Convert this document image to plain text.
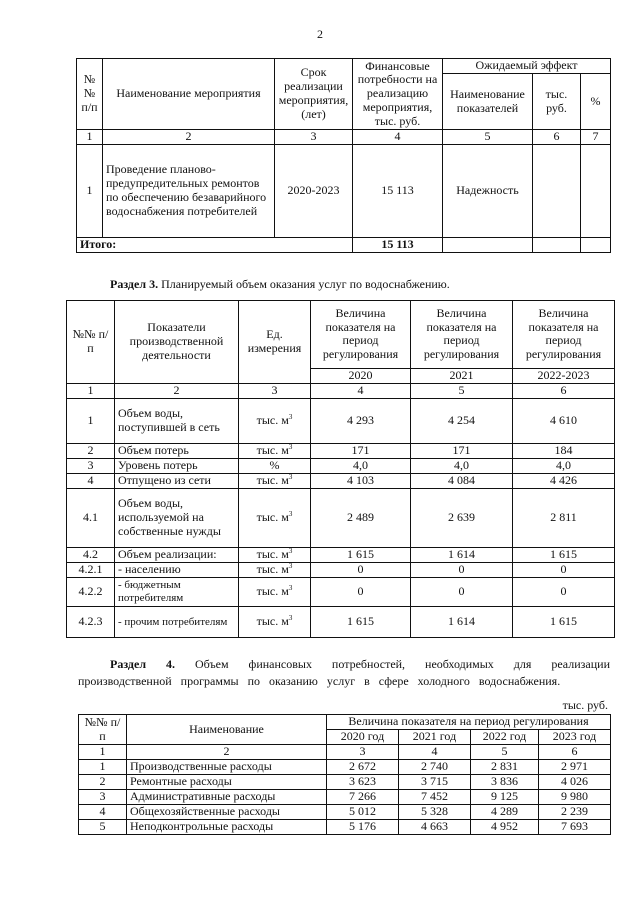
2
№№ п/п	Наименование мероприятия	Срок реализации мероприятия, (лет)	Финансовые потребности на реализацию мероприятия, тыс. руб.	Ожидаемый эффект		
				Наименование показателей	тыс. руб.	%
1	2	3	4	5	6	7
1	Проведение планово-предупредительных ремонтов по обеспечению безаварийного водоснабжения потребителей	2020-2023	15 113	Надежность		
Итого:			15 113			
Раздел 3. Планируемый объем оказания услуг по водоснабжению.
№№ п/п	Показатели производственной деятельности	Ед. измерения	Величина показателя на период регулирования	Величина показателя на период регулирования	Величина показателя на период регулирования
			2020	2021	2022-2023
1	2	3	4	5	6
1	Объем воды, поступившей в сеть	тыс. $м^3$	4 293	4 254	4 610
2	Объем потерь	тыс. $м^3$	171	171	184
3	Уровень потерь	%	4,0	4,0	4,0
4	Отпущено из сети	тыс. $м^3$	4 103	4 084	4 426
4.1	Объем воды, используемой на собственные нужды	тыс. $м^3$	2 489	2 639	2 811
4.2	Объем реализации:	тыс. $м^3$	1 615	1 614	1 615
4.2.1	- населению	тыс. $м^3$	0	0	0
4.2.2	- бюджетным потребителям	тыс. $м^3$	0	0	0
4.2.3	- прочим потребителям	тыс. $м^3$	1 615	1 614	1 615
Раздел 4. Объем финансовых потребностей, необходимых для реализации производственной программы по оказанию услуг в сфере холодного водоснабжения.
тыс. руб.
№№ п/п	Наименование	Величина показателя на период регулирования			
		2020 год	2021 год	2022 год	2023 год
1	2	3	4	5	6
1	Производственные расходы	2 672	2 740	2 831	2 971
2	Ремонтные расходы	3 623	3 715	3 836	4 026
3	Административные расходы	7 266	7 452	9 125	9 980
4	Общехозяйственные расходы	5 012	5 328	4 289	2 239
5	Неподконтрольные расходы	5 176	4 663	4 952	7 693
